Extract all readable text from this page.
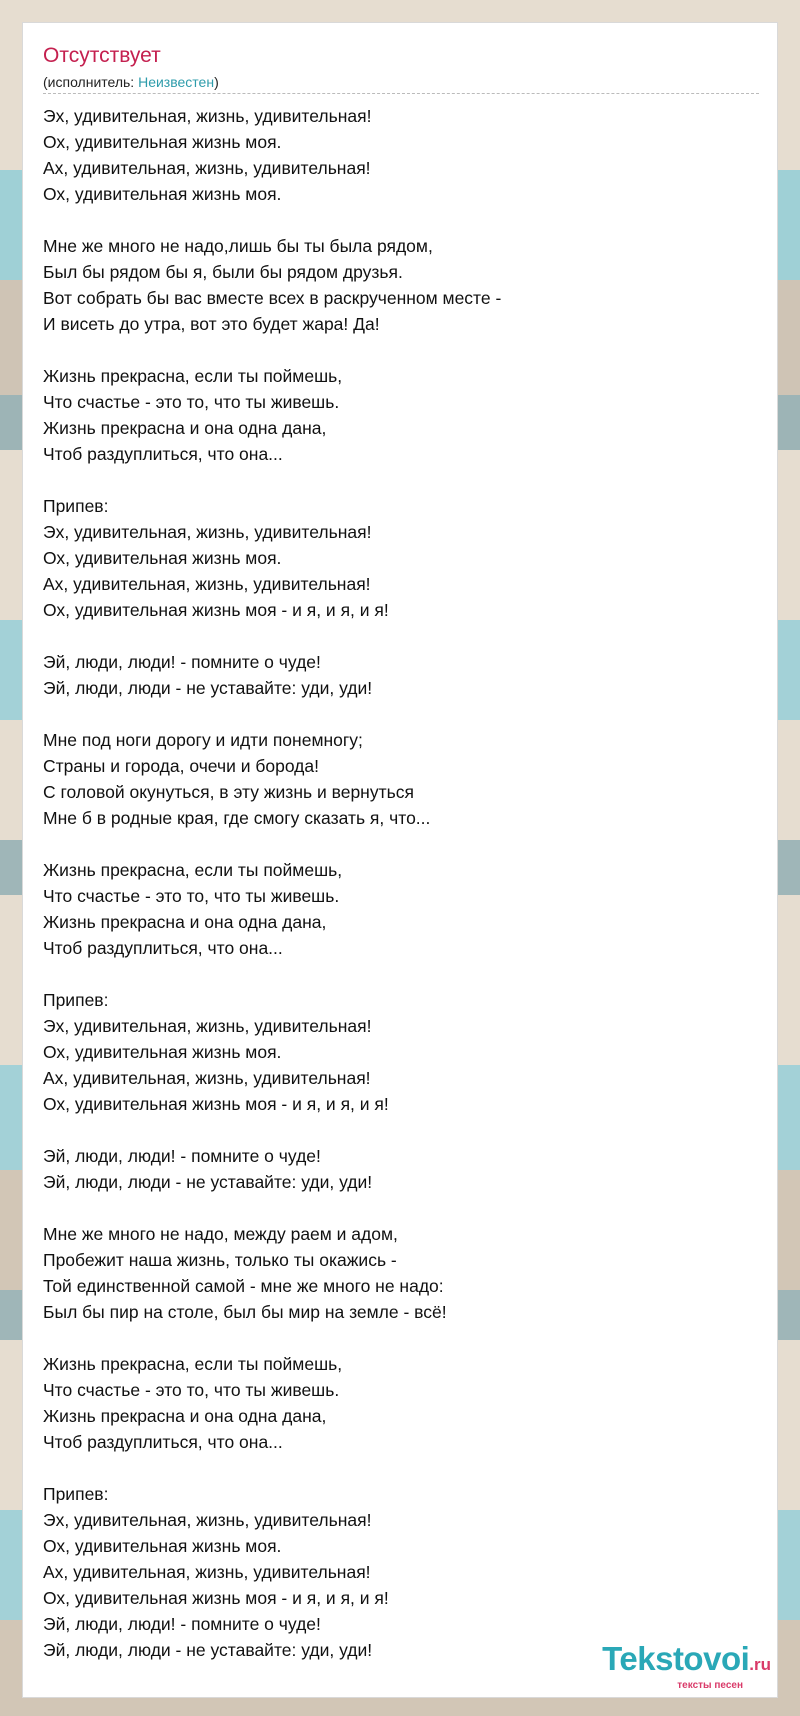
Отсутствует
(исполнитель: Неизвестен)
Эх, удивительная, жизнь, удивительная!
Ох, удивительная жизнь моя.
Ах, удивительная, жизнь, удивительная!
Ох, удивительная жизнь моя.
Мне же много не надо,лишь бы ты была рядом,
Был бы рядом бы я, были бы рядом друзья.
Вот собрать бы вас вместе всех в раскрученном месте -
И висеть до утра, вот это будет жара! Да!
Жизнь прекрасна, если ты поймешь,
Что счастье - это то, что ты живешь.
Жизнь прекрасна и она одна дана,
Чтоб раздуплиться, что она...
Припев:
Эх, удивительная, жизнь, удивительная!
Ох, удивительная жизнь моя.
Ах, удивительная, жизнь, удивительная!
Ох, удивительная жизнь моя - и я, и я, и я!
Эй, люди, люди! - помните о чуде!
Эй, люди, люди - не уставайте: уди, уди!
Мне под ноги дорогу и идти понемногу;
Страны и города, очечи и борода!
С головой окунуться, в эту жизнь и вернуться
Мне б в родные края, где смогу сказать я, что...
Жизнь прекрасна, если ты поймешь,
Что счастье - это то, что ты живешь.
Жизнь прекрасна и она одна дана,
Чтоб раздуплиться, что она...
Припев:
Эх, удивительная, жизнь, удивительная!
Ох, удивительная жизнь моя.
Ах, удивительная, жизнь, удивительная!
Ох, удивительная жизнь моя - и я, и я, и я!
Эй, люди, люди! - помните о чуде!
Эй, люди, люди - не уставайте: уди, уди!
Мне же много не надо, между раем и адом,
Пробежит наша жизнь, только ты окажись -
Той единственной самой - мне же много не надо:
Был бы пир на столе, был бы мир на земле - всё!
Жизнь прекрасна, если ты поймешь,
Что счастье - это то, что ты живешь.
Жизнь прекрасна и она одна дана,
Чтоб раздуплиться, что она...
Припев:
Эх, удивительная, жизнь, удивительная!
Ох, удивительная жизнь моя.
Ах, удивительная, жизнь, удивительная!
Ох, удивительная жизнь моя - и я, и я, и я!
Эй, люди, люди! - помните о чуде!
Эй, люди, люди - не уставайте: уди, уди!	Tekstovoi.ru
тексты песен
